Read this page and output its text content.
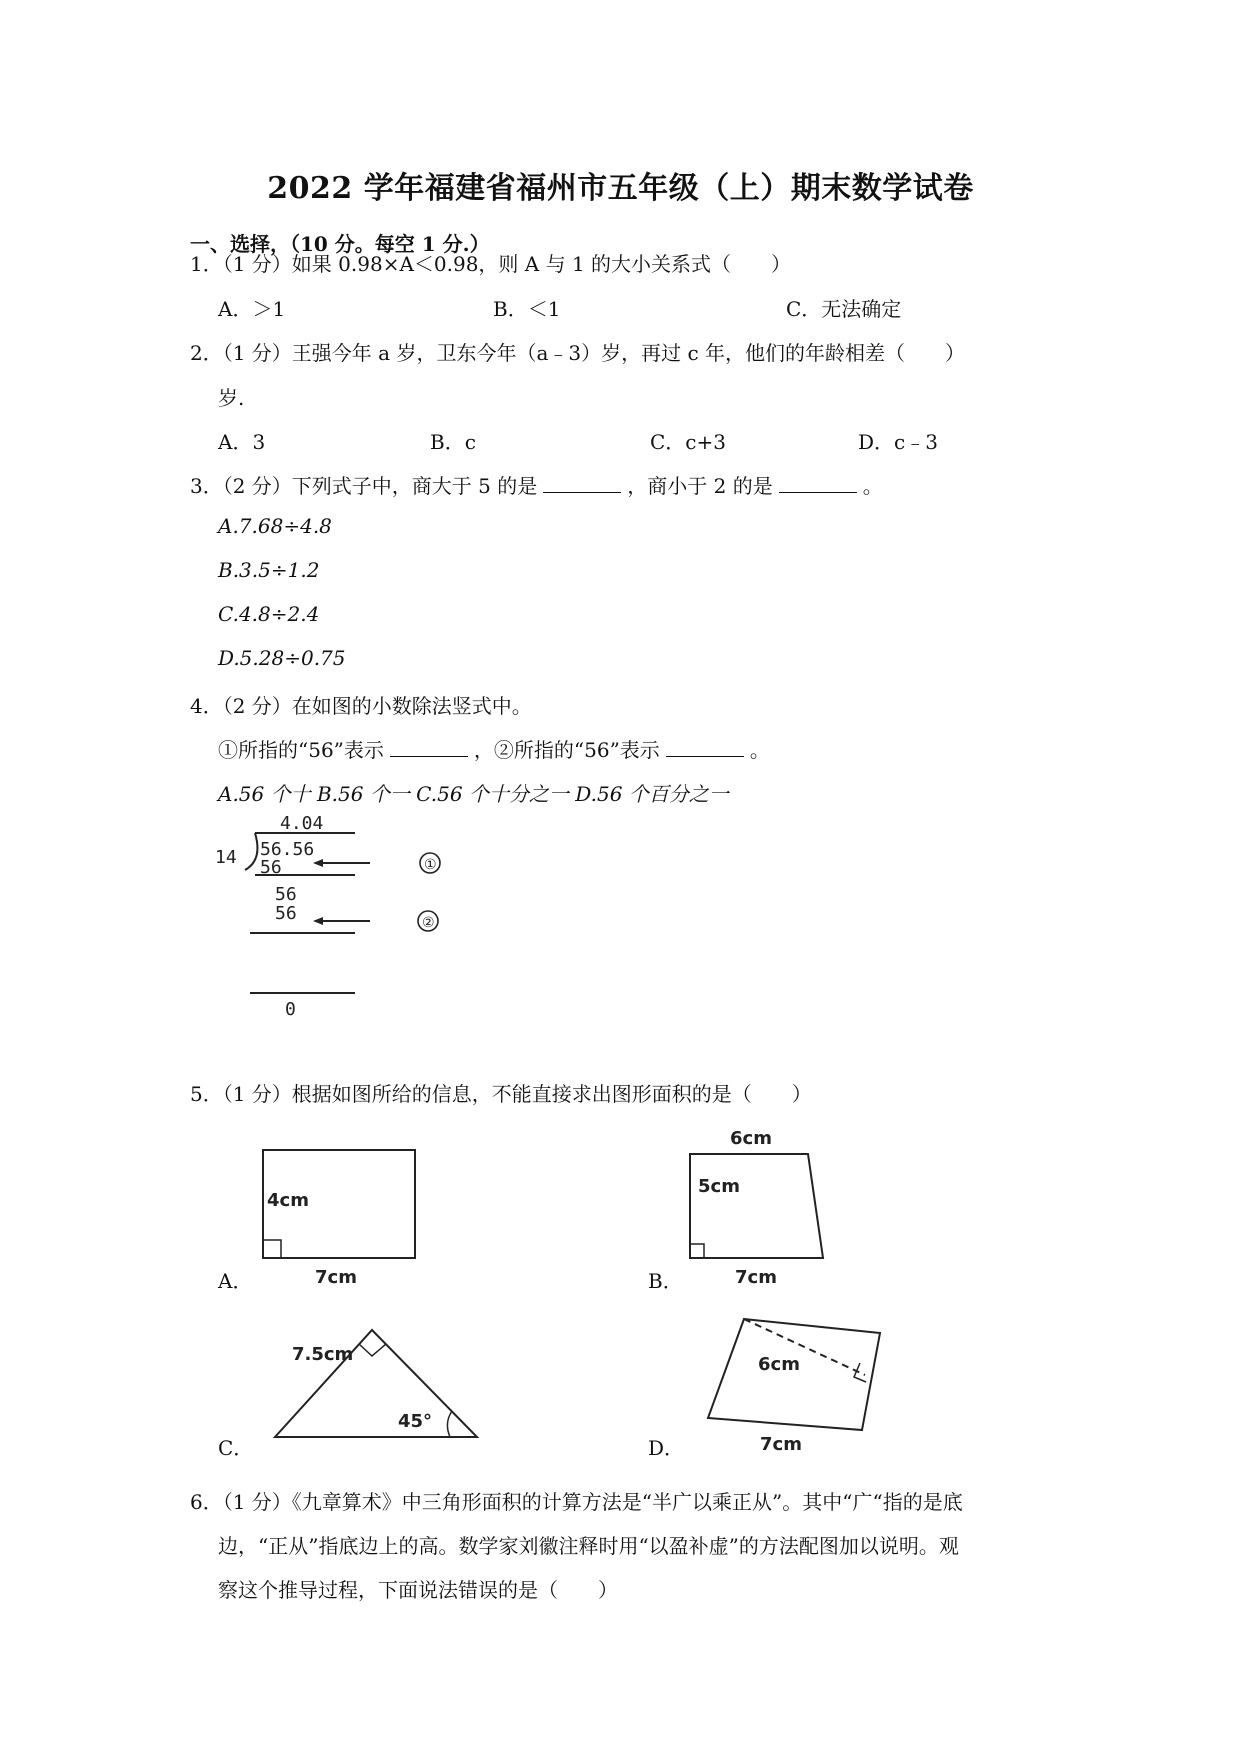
2022 学年福建省福州市五年级（上）期末数学试卷
一、选择，（10 分。每空 1 分.）
1．（1 分）如果 0.98×A＜0.98，则 A 与 1 的大小关系式（　　）
A．＞1	B．＜1	C．无法确定
2．（1 分）王强今年 a 岁，卫东今年（a﹣3）岁，再过 c 年，他们的年龄相差（　　）
岁.
A．3	B．c	C．c+3	D．c﹣3
3．（2 分）下列式子中，商大于 5 的是	，商小于 2 的是	。
A.7.68÷4.8
B.3.5÷1.2
C.4.8÷2.4
D.5.28÷0.75
4．（2 分）在如图的小数除法竖式中。
①所指的“56”表示	，②所指的“56”表示	。
A.56 个十 B.56 个一 C.56 个十分之一 D.56 个百分之一
4.04
14 56.56
56
56
56
0
①
②
5．（1 分）根据如图所给的信息，不能直接求出图形面积的是（　　）
4cm
7cm
A．
6cm
5cm
7cm
B．
7.5cm
45°
C．
6cm
7cm
D．
6．（1 分）《九章算术》中三角形面积的计算方法是“半广以乘正从”。其中“广“指的是底
边，“正从”指底边上的高。数学家刘徽注释时用“以盈补虚”的方法配图加以说明。观
察这个推导过程，下面说法错误的是（　　）
